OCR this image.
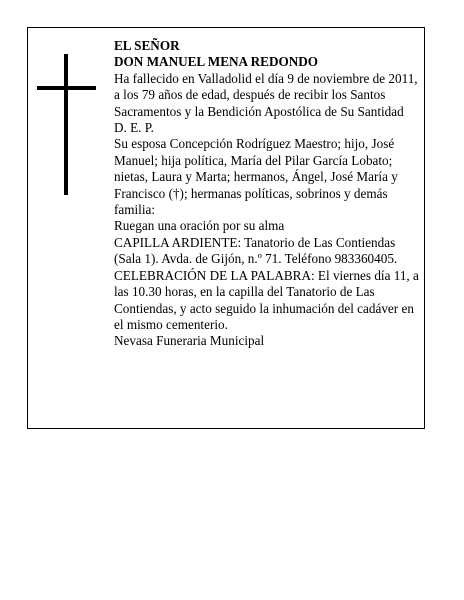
EL SEÑOR

DON MANUEL MENA REDONDO

Ha fallecido en Valladolid el día 9 de noviembre de 2011, a los 79 años de edad, después de recibir los Santos Sacramentos y la Bendición Apostólica de Su Santidad

D. E. P.

Su esposa Concepción Rodríguez Maestro; hijo, José Manuel; hija política, María del Pilar García Lobato; nietas, Laura y Marta; hermanos, Ángel, José María y Francisco (†); hermanas políticas, sobrinos y demás familia:

Ruegan una oración por su alma

CAPILLA ARDIENTE: Tanatorio de Las Contiendas (Sala 1). Avda. de Gijón, n.º 71. Teléfono 983360405.

CELEBRACIÓN DE LA PALABRA: El viernes día 11, a las 10.30 horas, en la capilla del Tanatorio de Las Contiendas, y acto seguido la inhumación del cadáver en el mismo cementerio.

Nevasa Funeraria Municipal
